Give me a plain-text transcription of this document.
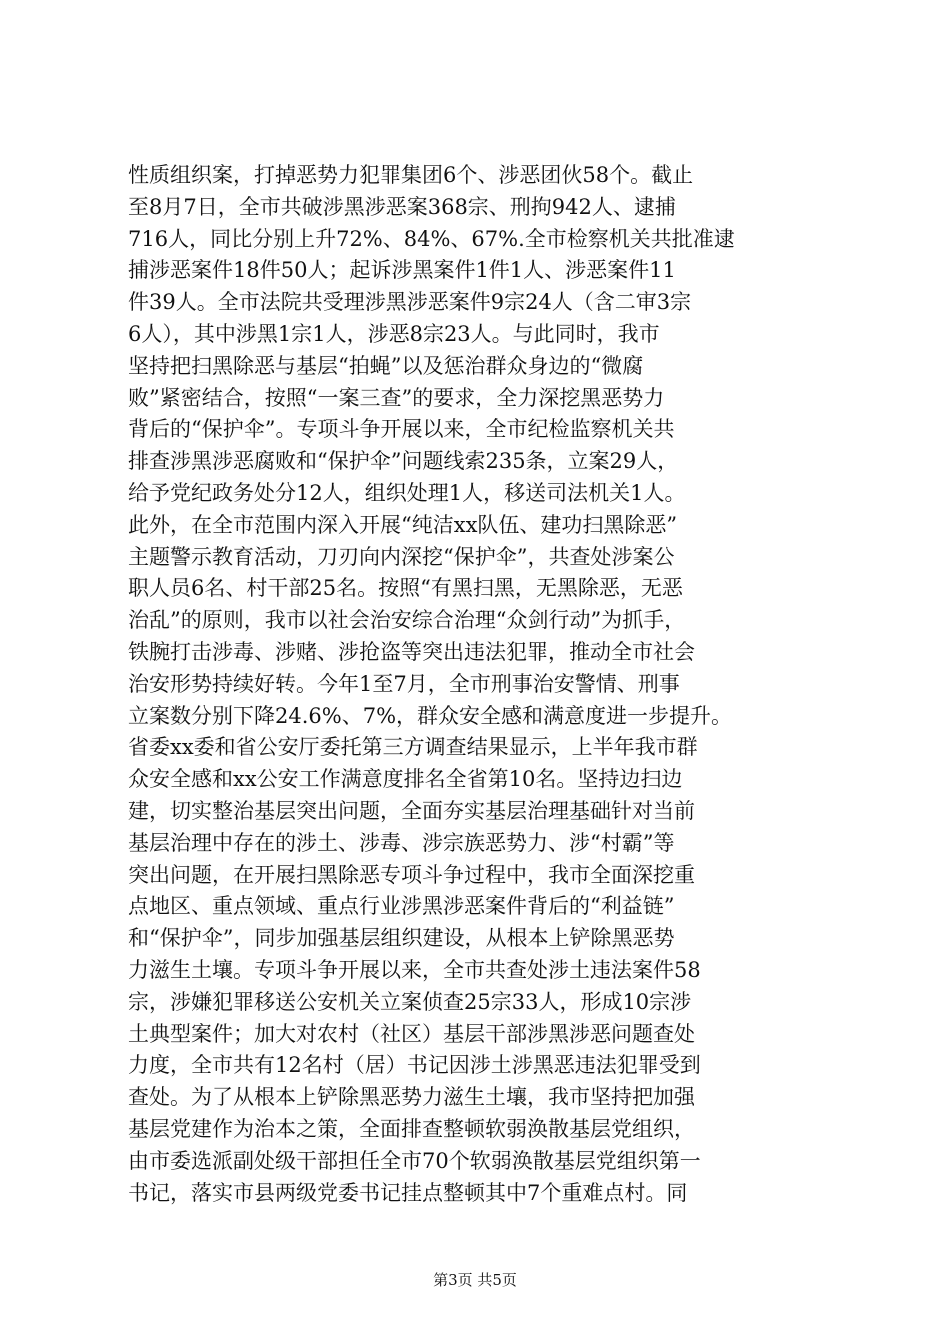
性质组织案，打掉恶势力犯罪集团6个、涉恶团伙58个。截止
至8月7日，全市共破涉黑涉恶案368宗、刑拘942人、逮捕
716人，同比分别上升72%、84%、67%.全市检察机关共批准逮
捕涉恶案件18件50人；起诉涉黑案件1件1人、涉恶案件11
件39人。全市法院共受理涉黑涉恶案件9宗24人（含二审3宗
6人），其中涉黑1宗1人，涉恶8宗23人。与此同时，我市
坚持把扫黑除恶与基层“拍蝇”以及惩治群众身边的“微腐
败”紧密结合，按照“一案三查”的要求，全力深挖黑恶势力
背后的“保护伞”。专项斗争开展以来，全市纪检监察机关共
排查涉黑涉恶腐败和“保护伞”问题线索235条，立案29人，
给予党纪政务处分12人，组织处理1人，移送司法机关1人。
此外，在全市范围内深入开展“纯洁xx队伍、建功扫黑除恶”
主题警示教育活动，刀刃向内深挖“保护伞”，共查处涉案公
职人员6名、村干部25名。按照“有黑扫黑，无黑除恶，无恶
治乱”的原则，我市以社会治安综合治理“众剑行动”为抓手，
铁腕打击涉毒、涉赌、涉抢盗等突出违法犯罪，推动全市社会
治安形势持续好转。今年1至7月，全市刑事治安警情、刑事
立案数分别下降24.6%、7%，群众安全感和满意度进一步提升。
省委xx委和省公安厅委托第三方调查结果显示，上半年我市群
众安全感和xx公安工作满意度排名全省第10名。坚持边扫边
建，切实整治基层突出问题，全面夯实基层治理基础针对当前
基层治理中存在的涉土、涉毒、涉宗族恶势力、涉“村霸”等
突出问题，在开展扫黑除恶专项斗争过程中，我市全面深挖重
点地区、重点领域、重点行业涉黑涉恶案件背后的“利益链”
和“保护伞”，同步加强基层组织建设，从根本上铲除黑恶势
力滋生土壤。专项斗争开展以来，全市共查处涉土违法案件58
宗，涉嫌犯罪移送公安机关立案侦查25宗33人，形成10宗涉
土典型案件；加大对农村（社区）基层干部涉黑涉恶问题查处
力度，全市共有12名村（居）书记因涉土涉黑恶违法犯罪受到
查处。为了从根本上铲除黑恶势力滋生土壤，我市坚持把加强
基层党建作为治本之策，全面排查整顿软弱涣散基层党组织，
由市委选派副处级干部担任全市70个软弱涣散基层党组织第一
书记，落实市县两级党委书记挂点整顿其中7个重难点村。同
第3页 共5页
